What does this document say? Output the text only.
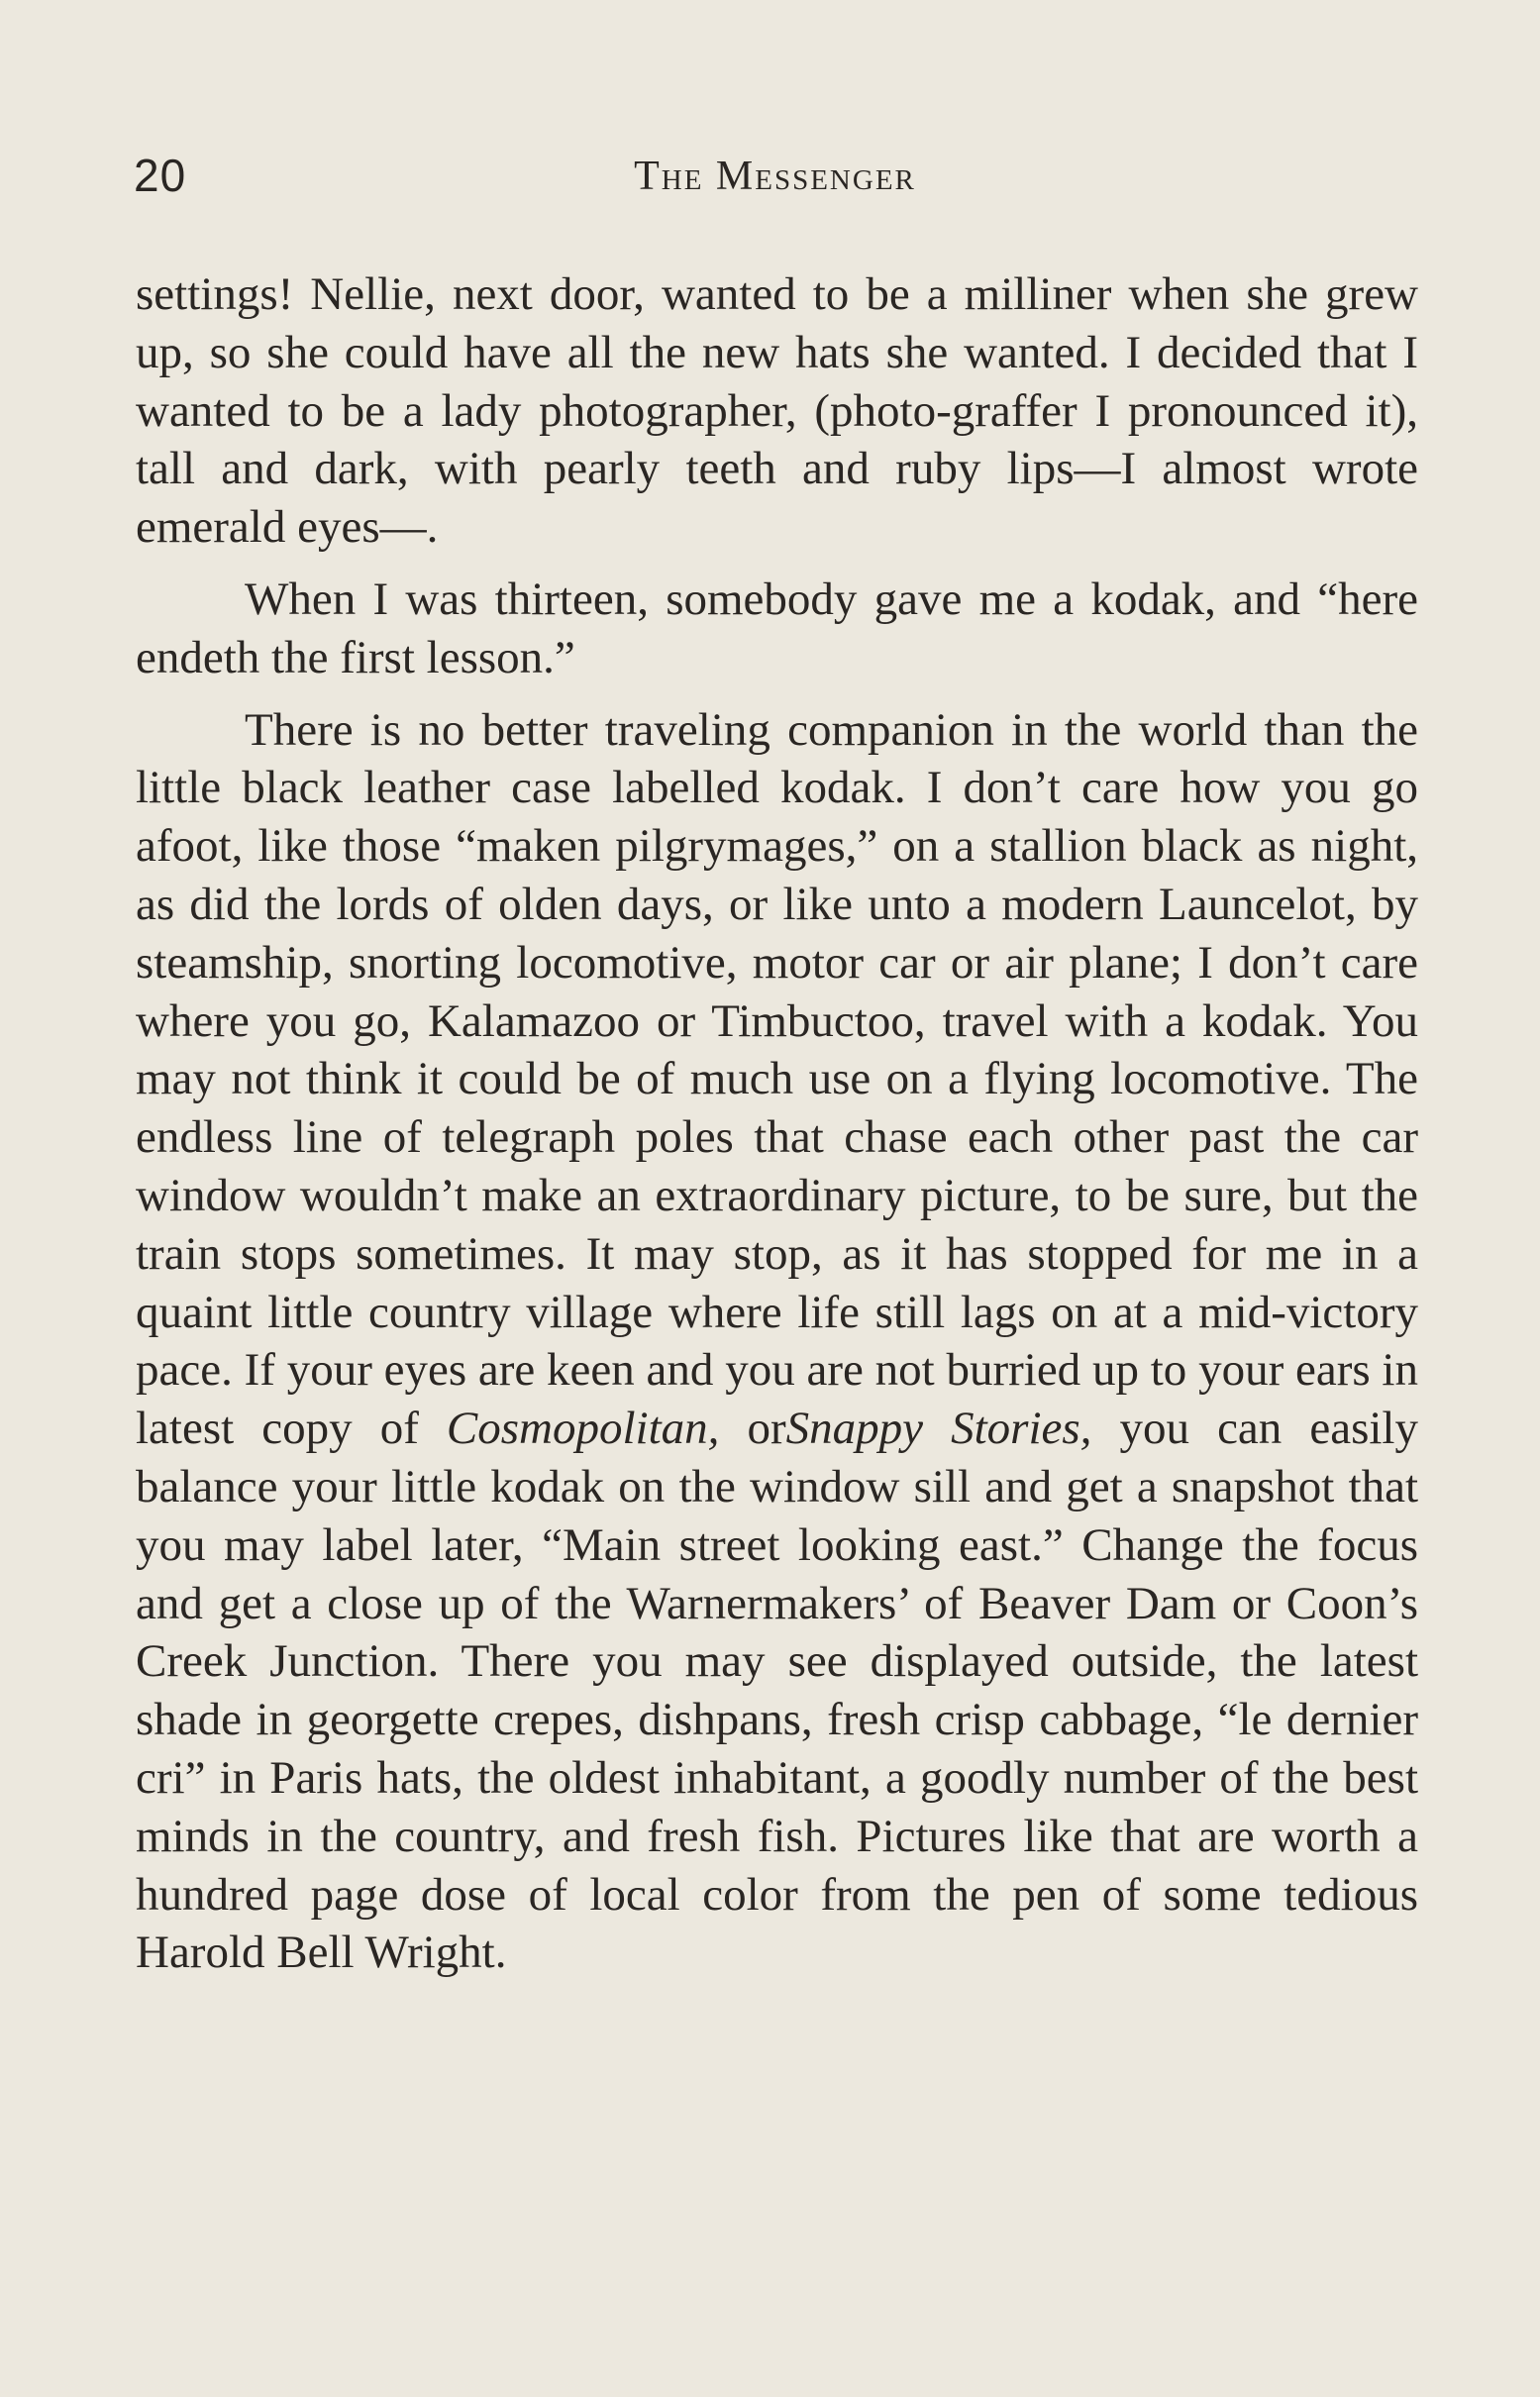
20	The Messenger

settings! Nellie, next door, wanted to be a milliner when she grew up, so she could have all the new hats she wanted. I decided that I wanted to be a lady photographer, (photo-graffer I pronounced it), tall and dark, with pearly teeth and ruby lips—I almost wrote emerald eyes—.

When I was thirteen, somebody gave me a kodak, and “here endeth the first lesson.”

There is no better traveling companion in the world than the little black leather case labelled kodak. I don’t care how you go afoot, like those “maken pilgrymages,” on a stallion black as night, as did the lords of olden days, or like unto a modern Launcelot, by steamship, snorting locomotive, motor car or air plane; I don’t care where you go, Kalamazoo or Timbuctoo, travel with a kodak. You may not think it could be of much use on a flying locomotive. The endless line of telegraph poles that chase each other past the car window wouldn’t make an extraordinary picture, to be sure, but the train stops sometimes. It may stop, as it has stopped for me in a quaint little country village where life still lags on at a mid-victory pace. If your eyes are keen and you are not burried up to your ears in latest copy of Cosmopolitan, orSnappy Stories, you can easily balance your little kodak on the window sill and get a snapshot that you may label later, “Main street looking east.” Change the focus and get a close up of the Warnermakers’ of Beaver Dam or Coon’s Creek Junction. There you may see displayed outside, the latest shade in georgette crepes, dishpans, fresh crisp cabbage, “le dernier cri” in Paris hats, the oldest inhabitant, a goodly number of the best minds in the country, and fresh fish. Pictures like that are worth a hundred page dose of local color from the pen of some tedious Harold Bell Wright.
